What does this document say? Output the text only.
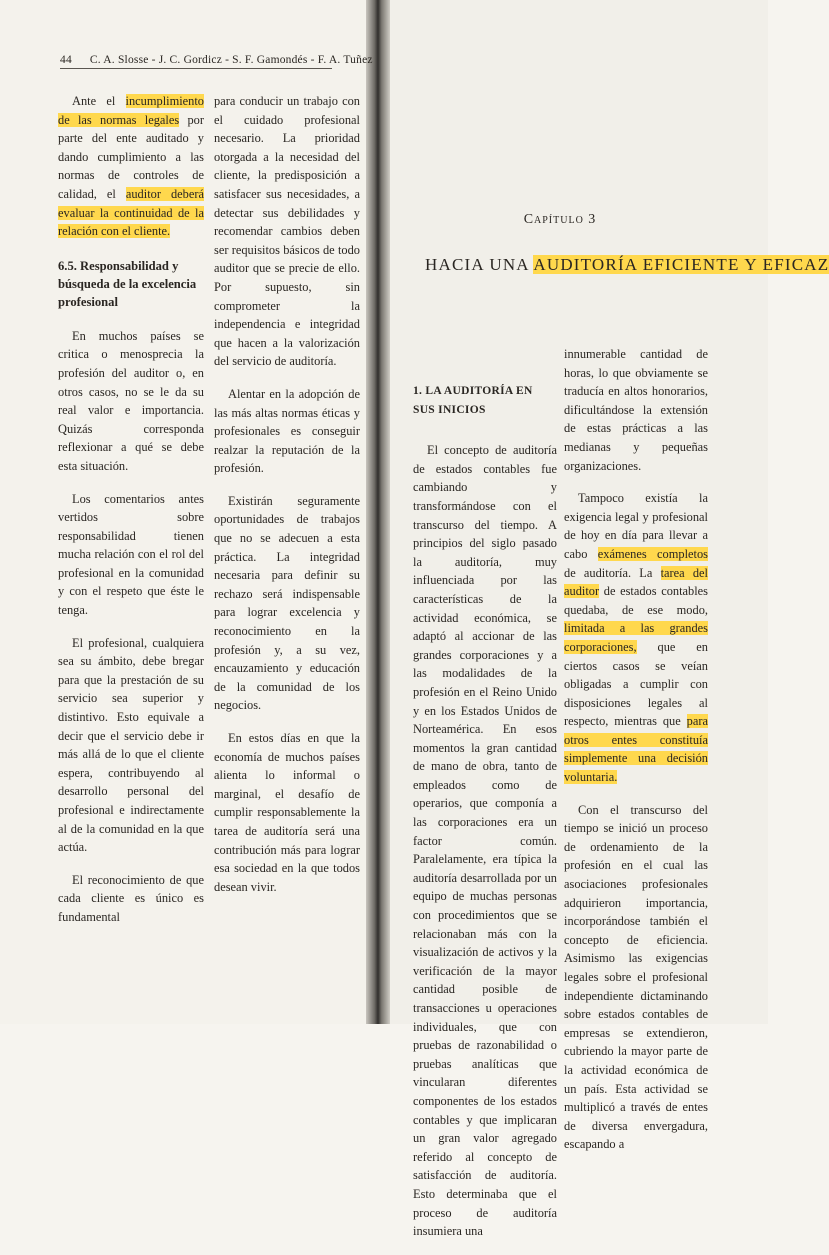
44 C. A. Slosse - J. C. Gordicz - S. F. Gamondés - F. A. Tuñez

Ante el incumplimiento de las normas legales por parte del ente auditado y dando cumplimiento a las normas de controles de calidad, el auditor deberá evaluar la continuidad de la relación con el cliente.

6.5. Responsabilidad y búsqueda de la excelencia profesional

En muchos países se critica o menosprecia la profesión del auditor o, en otros casos, no se le da su real valor e importancia. Quizás corresponda reflexionar a qué se debe esta situación.

Los comentarios antes vertidos sobre responsabilidad tienen mucha relación con el rol del profesional en la comunidad y con el respeto que éste le tenga.

El profesional, cualquiera sea su ámbito, debe bregar para que la prestación de su servicio sea superior y distintivo. Esto equivale a decir que el servicio debe ir más allá de lo que el cliente espera, contribuyendo al desarrollo personal del profesional e indirectamente al de la comunidad en la que actúa.

El reconocimiento de que cada cliente es único es fundamental

para conducir un trabajo con el cuidado profesional necesario. La prioridad otorgada a la necesidad del cliente, la predisposición a satisfacer sus necesidades, a detectar sus debilidades y recomendar cambios deben ser requisitos básicos de todo auditor que se precie de ello. Por supuesto, sin comprometer la independencia e integridad que hacen a la valorización del servicio de auditoría.

Alentar en la adopción de las más altas normas éticas y profesionales es conseguir realzar la reputación de la profesión.

Existirán seguramente oportunidades de trabajos que no se adecuen a esta práctica. La integridad necesaria para definir su rechazo será indispensable para lograr excelencia y reconocimiento en la profesión y, a su vez, encauzamiento y educación de la comunidad de los negocios.

En estos días en que la economía de muchos países alienta lo informal o marginal, el desafío de cumplir responsablemente la tarea de auditoría será una contribución más para lograr esa sociedad en la que todos desean vivir.

Capítulo 3
HACIA UNA AUDITORÍA EFICIENTE Y EFICAZ
1. LA AUDITORÍA EN SUS INICIOS

El concepto de auditoría de estados contables fue cambiando y transformándose con el transcurso del tiempo. A principios del siglo pasado la auditoría, muy influenciada por las características de la actividad económica, se adaptó al accionar de las grandes corporaciones y a las modalidades de la profesión en el Reino Unido y en los Estados Unidos de Norteamérica. En esos momentos la gran cantidad de mano de obra, tanto de empleados como de operarios, que componía a las corporaciones era un factor común. Paralelamente, era típica la auditoría desarrollada por un equipo de muchas personas con procedimientos que se relacionaban más con la visualización de activos y la verificación de la mayor cantidad posible de transacciones u operaciones individuales, que con pruebas de razonabilidad o pruebas analíticas que vincularan diferentes componentes de los estados contables y que implicaran un gran valor agregado referido al concepto de satisfacción de auditoría. Esto determinaba que el proceso de auditoría insumiera una

innumerable cantidad de horas, lo que obviamente se traducía en altos honorarios, dificultándose la extensión de estas prácticas a las medianas y pequeñas organizaciones.

Tampoco existía la exigencia legal y profesional de hoy en día para llevar a cabo exámenes completos de auditoría. La tarea del auditor de estados contables quedaba, de ese modo, limitada a las grandes corporaciones, que en ciertos casos se veían obligadas a cumplir con disposiciones legales al respecto, mientras que para otros entes constituía simplemente una decisión voluntaria.

Con el transcurso del tiempo se inició un proceso de ordenamiento de la profesión en el cual las asociaciones profesionales adquirieron importancia, incorporándose también el concepto de eficiencia. Asimismo las exigencias legales sobre el profesional independiente dictaminando sobre estados contables de empresas se extendieron, cubriendo la mayor parte de la actividad económica de un país. Esta actividad se multiplicó a través de entes de diversa envergadura, escapando a
